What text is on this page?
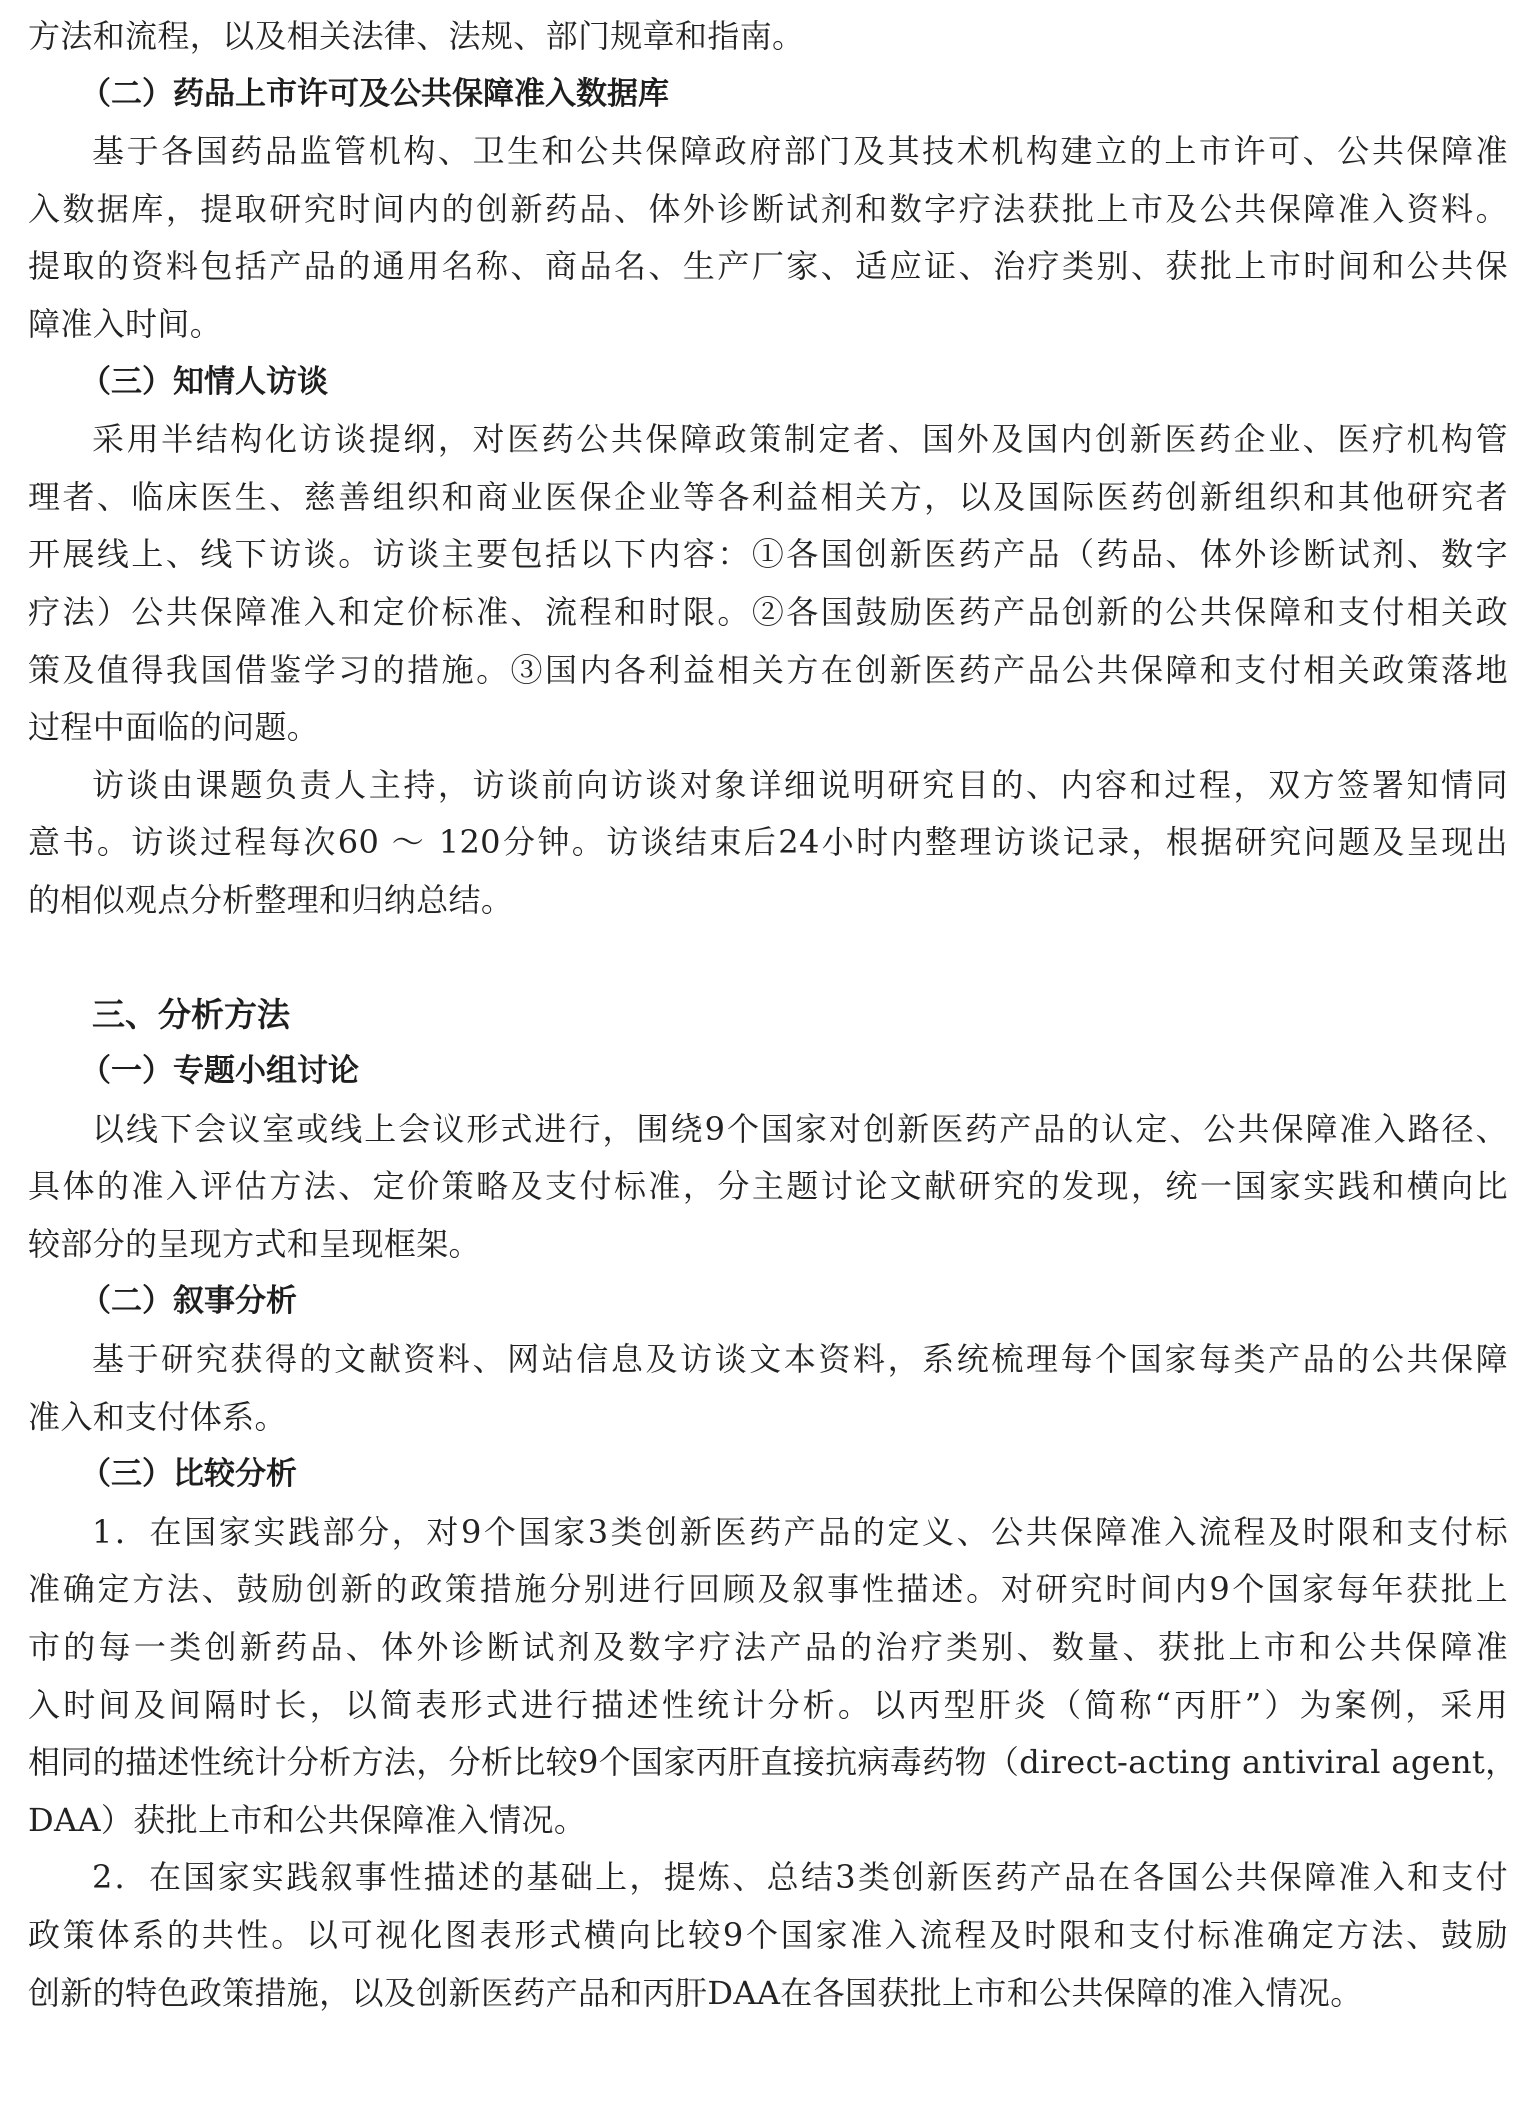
方法和流程，以及相关法律、法规、部门规章和指南。
（二）药品上市许可及公共保障准入数据库
基于各国药品监管机构、卫生和公共保障政府部门及其技术机构建立的上市许可、公共保障准
入数据库，提取研究时间内的创新药品、体外诊断试剂和数字疗法获批上市及公共保障准入资料。
提取的资料包括产品的通用名称、商品名、生产厂家、适应证、治疗类别、获批上市时间和公共保
障准入时间。
（三）知情人访谈
采用半结构化访谈提纲，对医药公共保障政策制定者、国外及国内创新医药企业、医疗机构管
理者、临床医生、慈善组织和商业医保企业等各利益相关方，以及国际医药创新组织和其他研究者
开展线上、线下访谈。访谈主要包括以下内容：①各国创新医药产品（药品、体外诊断试剂、数字
疗法）公共保障准入和定价标准、流程和时限。②各国鼓励医药产品创新的公共保障和支付相关政
策及值得我国借鉴学习的措施。③国内各利益相关方在创新医药产品公共保障和支付相关政策落地
过程中面临的问题。
访谈由课题负责人主持，访谈前向访谈对象详细说明研究目的、内容和过程，双方签署知情同
意书。访谈过程每次60 ～ 120分钟。访谈结束后24小时内整理访谈记录，根据研究问题及呈现出
的相似观点分析整理和归纳总结。
三、分析方法
（一）专题小组讨论
以线下会议室或线上会议形式进行，围绕9个国家对创新医药产品的认定、公共保障准入路径、
具体的准入评估方法、定价策略及支付标准，分主题讨论文献研究的发现，统一国家实践和横向比
较部分的呈现方式和呈现框架。
（二）叙事分析
基于研究获得的文献资料、网站信息及访谈文本资料，系统梳理每个国家每类产品的公共保障
准入和支付体系。
（三）比较分析
1．在国家实践部分，对9个国家3类创新医药产品的定义、公共保障准入流程及时限和支付标
准确定方法、鼓励创新的政策措施分别进行回顾及叙事性描述。对研究时间内9个国家每年获批上
市的每一类创新药品、体外诊断试剂及数字疗法产品的治疗类别、数量、获批上市和公共保障准
入时间及间隔时长，以简表形式进行描述性统计分析。以丙型肝炎（简称“丙肝”）为案例，采用
相同的描述性统计分析方法，分析比较9个国家丙肝直接抗病毒药物（direct-acting antiviral agent，
DAA）获批上市和公共保障准入情况。
2．在国家实践叙事性描述的基础上，提炼、总结3类创新医药产品在各国公共保障准入和支付
政策体系的共性。以可视化图表形式横向比较9个国家准入流程及时限和支付标准确定方法、鼓励
创新的特色政策措施，以及创新医药产品和丙肝DAA在各国获批上市和公共保障的准入情况。
